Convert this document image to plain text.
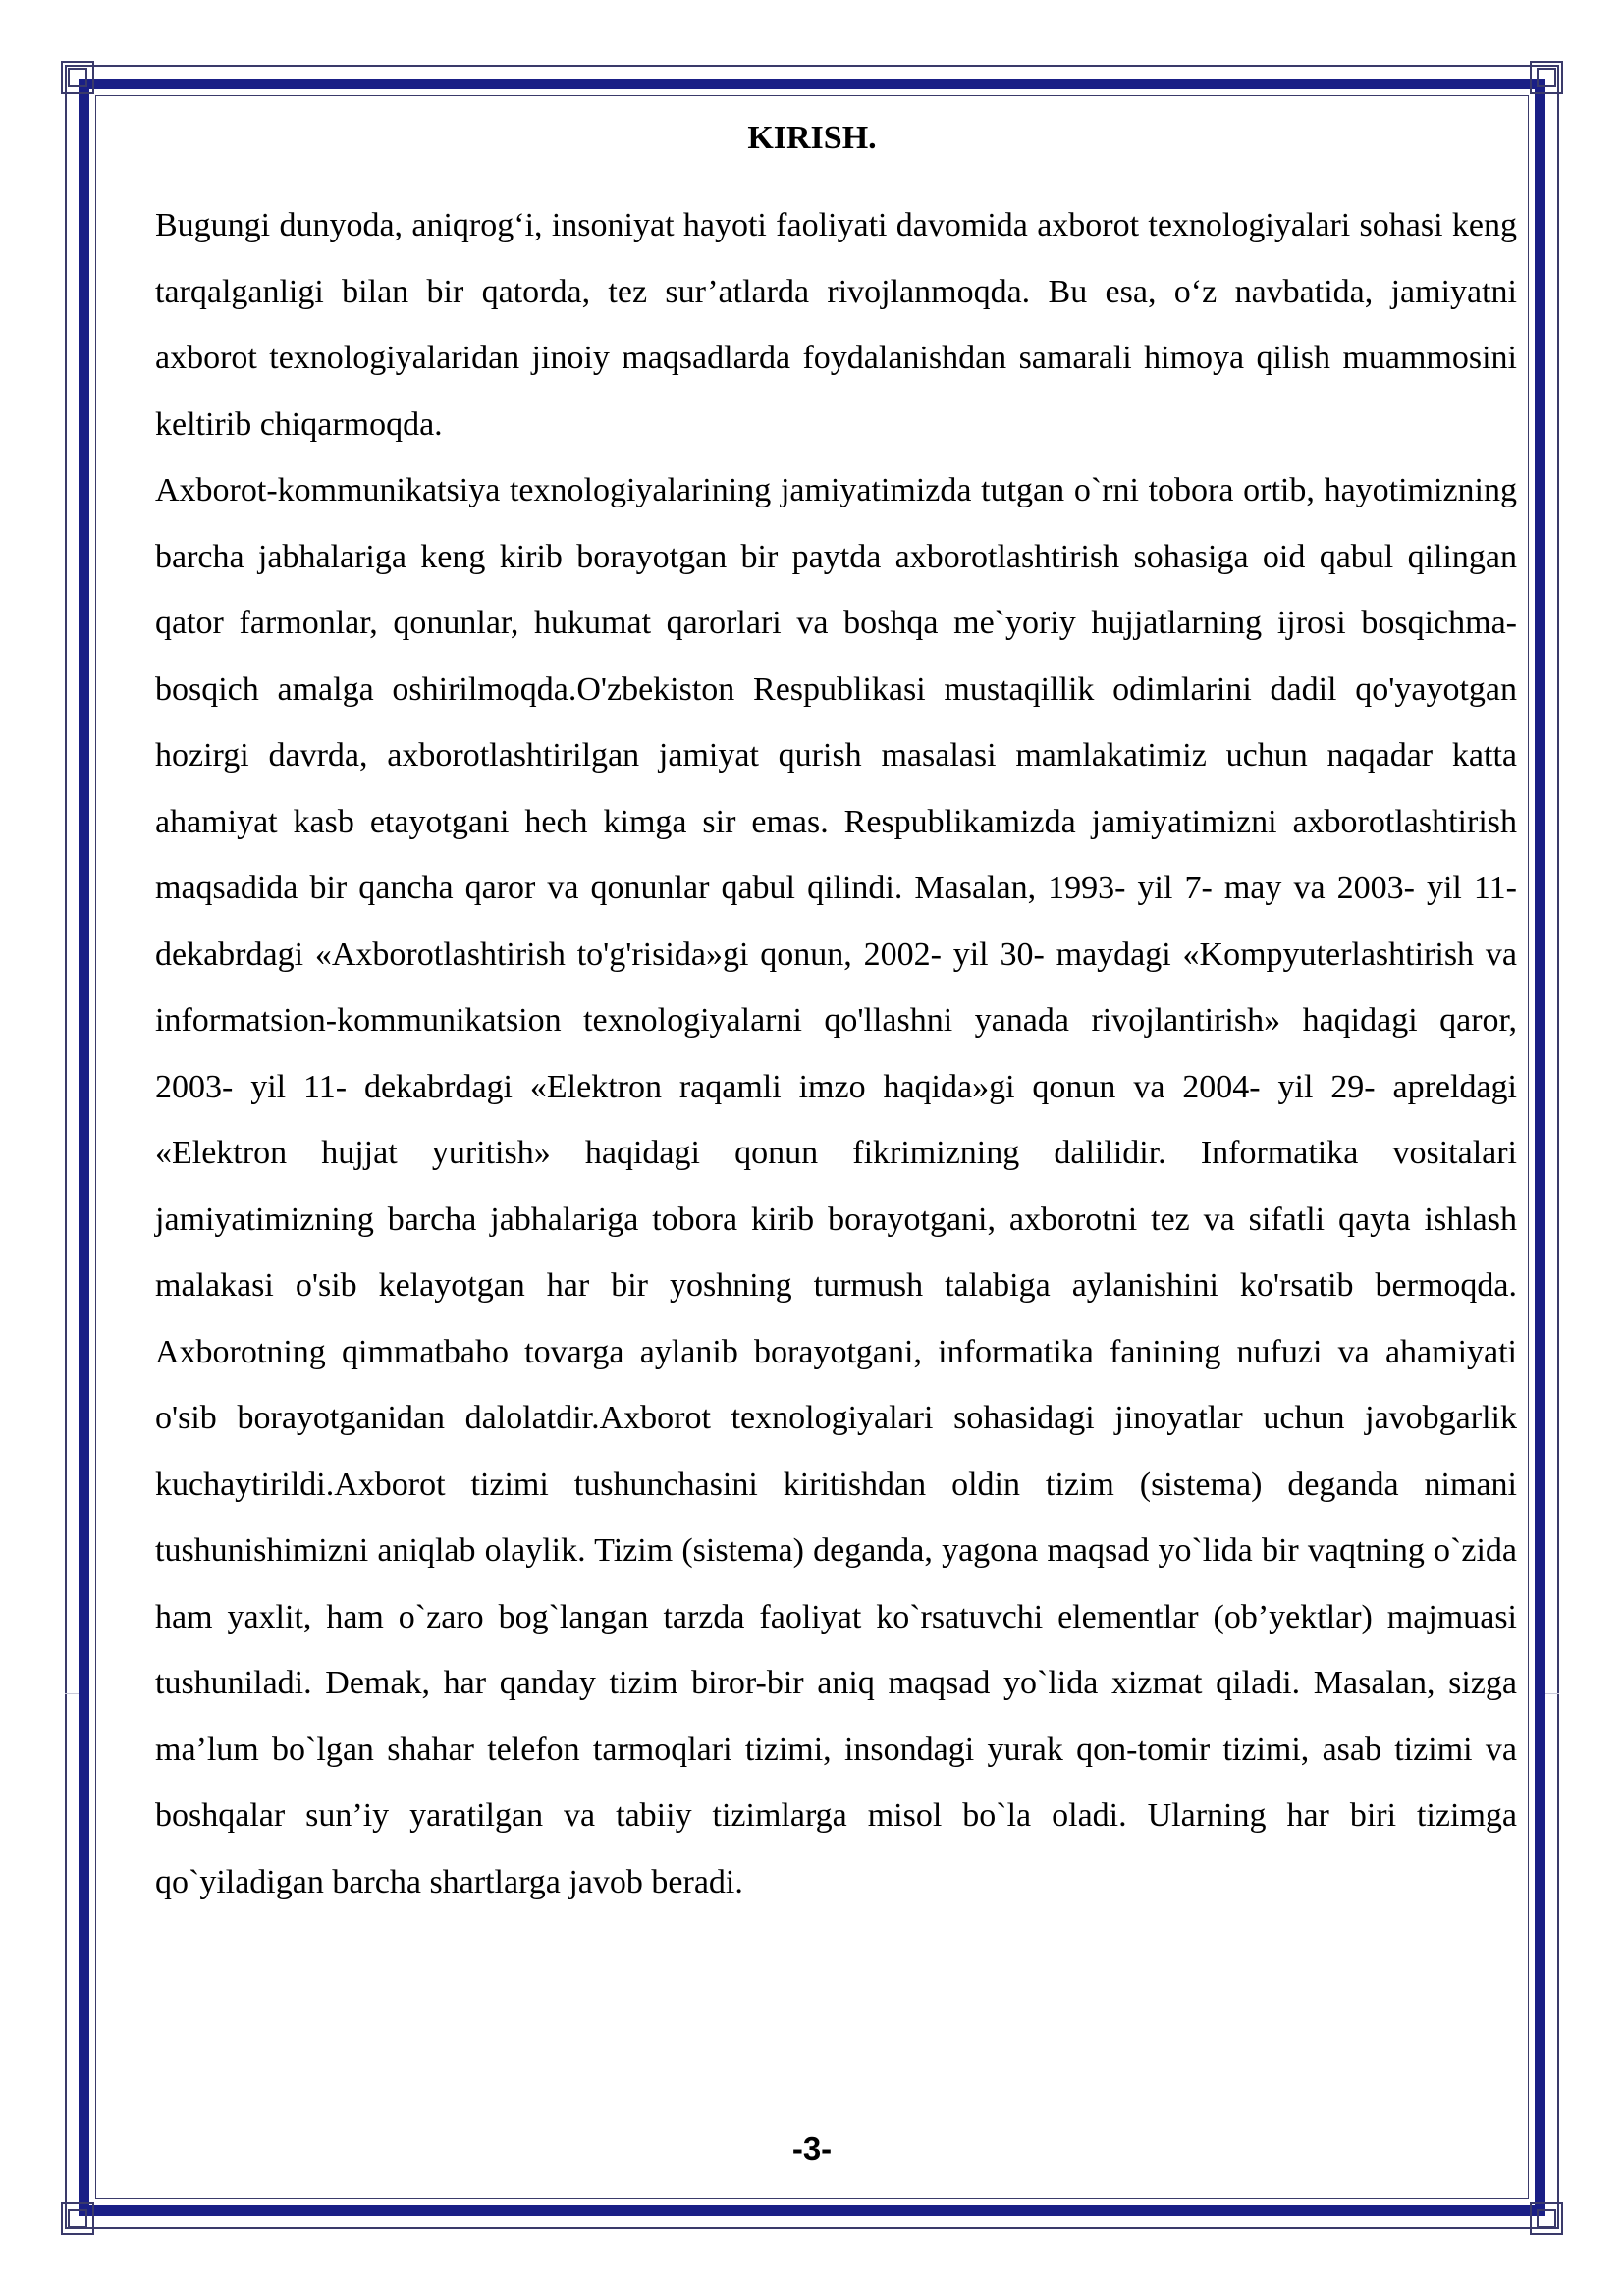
KIRISH.

Bugungi dunyoda, aniqrog‘i, insoniyat hayoti faoliyati davomida axborot texnologiyalari sohasi keng tarqalganligi bilan bir qatorda, tez sur’atlarda rivojlanmoqda. Bu esa, o‘z navbatida, jamiyatni axborot texnologiyalaridan jinoiy maqsadlarda foydalanishdan samarali himoya qilish muammosini keltirib chiqarmoqda.

Axborot-kommunikatsiya texnologiyalarining jamiyatimizda tutgan o`rni tobora ortib, hayotimizning barcha jabhalariga keng kirib borayotgan bir paytda axborotlashtirish sohasiga oid qabul qilingan qator farmonlar, qonunlar, hukumat qarorlari va boshqa me`yoriy hujjatlarning ijrosi bosqichma-bosqich amalga oshirilmoqda.O'zbekiston Respublikasi mustaqillik odimlarini dadil qo'yayotgan hozirgi davrda, axborotlashtirilgan jamiyat qurish masalasi mamlakatimiz uchun naqadar katta ahamiyat kasb etayotgani hech kimga sir emas. Respublikamizda jamiyatimizni axborotlashtirish maqsadida bir qancha qaror va qonunlar qabul qilindi. Masalan, 1993- yil 7- may va 2003- yil 11- dekabrdagi «Axborotlashtirish to'g'risida»gi qonun, 2002- yil 30- maydagi «Kompyuterlashtirish va informatsion-kommunikatsion texnologiyalarni qo'llashni yanada rivojlantirish» haqidagi qaror, 2003- yil 11- dekabrdagi «Elektron raqamli imzo haqida»gi qonun va 2004- yil 29- apreldagi «Elektron hujjat yuritish» haqidagi qonun fikrimizning dalilidir. Informatika vositalari jamiyatimizning barcha jabhalariga tobora kirib borayotgani, axborotni tez va sifatli qayta ishlash malakasi o'sib kelayotgan har bir yoshning turmush talabiga aylanishini ko'rsatib bermoqda. Axborotning qimmatbaho tovarga aylanib borayotgani, informatika fanining nufuzi va ahamiyati o'sib borayotganidan dalolatdir.Axborot texnologiyalari sohasidagi jinoyatlar uchun javobgarlik kuchaytirildi.Axborot tizimi tushunchasini kiritishdan oldin tizim (sistema) deganda nimani tushunishimizni aniqlab olaylik. Tizim (sistema) deganda, yagona maqsad yo`lida bir vaqtning o`zida ham yaxlit, ham o`zaro bog`langan tarzda faoliyat ko`rsatuvchi elementlar (ob’yektlar) majmuasi tushuniladi. Demak, har qanday tizim biror-bir aniq maqsad yo`lida xizmat qiladi. Masalan, sizga ma’lum bo`lgan shahar telefon tarmoqlari tizimi, insondagi yurak qon-tomir tizimi, asab tizimi va boshqalar sun’iy yaratilgan va tabiiy tizimlarga misol bo`la oladi. Ularning har biri tizimga qo`yiladigan barcha shartlarga javob beradi.

-3-
